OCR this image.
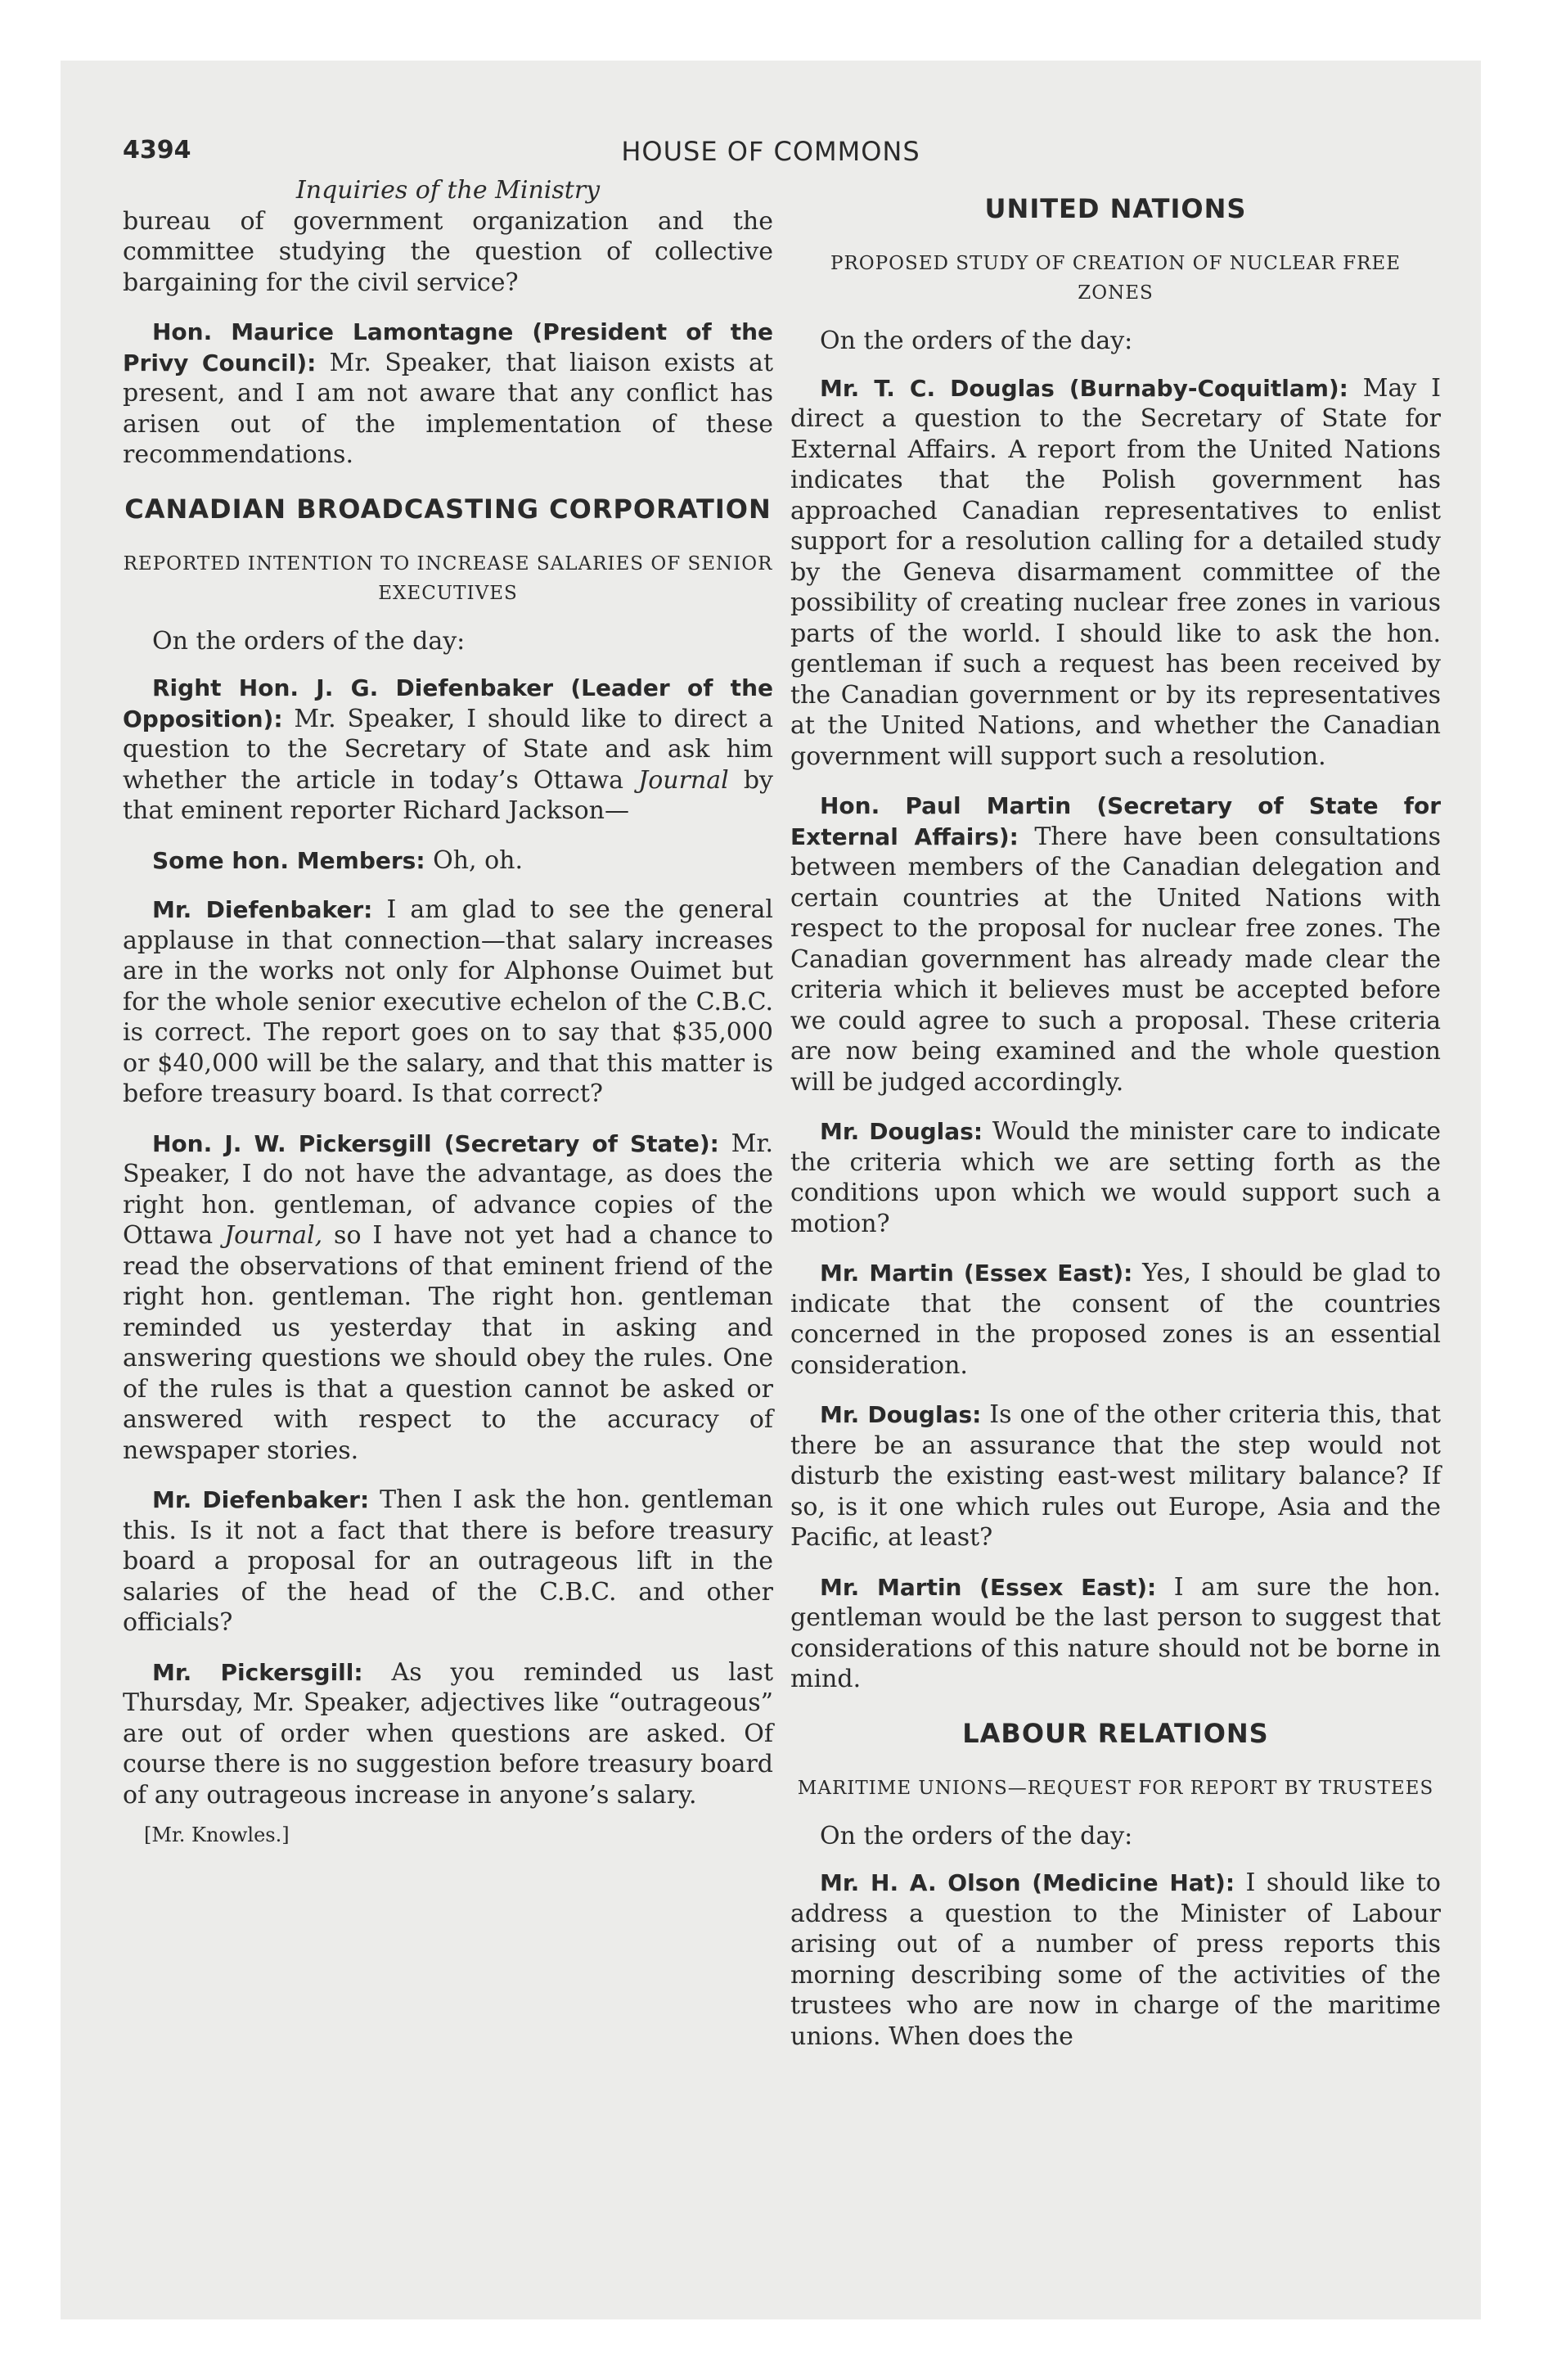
4394	HOUSE OF COMMONS

Inquiries of the Ministry

bureau of government organization and the committee studying the question of collective bargaining for the civil service?

Hon. Maurice Lamontagne (President of the Privy Council): Mr. Speaker, that liaison exists at present, and I am not aware that any conflict has arisen out of the implementation of these recommendations.

CANADIAN BROADCASTING CORPORATION
REPORTED INTENTION TO INCREASE SALARIES OF SENIOR EXECUTIVES

On the orders of the day:

Right Hon. J. G. Diefenbaker (Leader of the Opposition): Mr. Speaker, I should like to direct a question to the Secretary of State and ask him whether the article in today’s Ottawa Journal by that eminent reporter Richard Jackson—

Some hon. Members: Oh, oh.

Mr. Diefenbaker: I am glad to see the general applause in that connection—that salary increases are in the works not only for Alphonse Ouimet but for the whole senior executive echelon of the C.B.C. is correct. The report goes on to say that $35,000 or $40,000 will be the salary, and that this matter is before treasury board. Is that correct?

Hon. J. W. Pickersgill (Secretary of State): Mr. Speaker, I do not have the advantage, as does the right hon. gentleman, of advance copies of the Ottawa Journal, so I have not yet had a chance to read the observations of that eminent friend of the right hon. gentleman. The right hon. gentleman reminded us yesterday that in asking and answering questions we should obey the rules. One of the rules is that a question cannot be asked or answered with respect to the accuracy of newspaper stories.

Mr. Diefenbaker: Then I ask the hon. gentleman this. Is it not a fact that there is before treasury board a proposal for an outrageous lift in the salaries of the head of the C.B.C. and other officials?

Mr. Pickersgill: As you reminded us last Thursday, Mr. Speaker, adjectives like “outrageous” are out of order when questions are asked. Of course there is no suggestion before treasury board of any outrageous increase in anyone’s salary.

[Mr. Knowles.]

UNITED NATIONS
PROPOSED STUDY OF CREATION OF NUCLEAR FREE ZONES

On the orders of the day:

Mr. T. C. Douglas (Burnaby-Coquitlam): May I direct a question to the Secretary of State for External Affairs. A report from the United Nations indicates that the Polish government has approached Canadian representatives to enlist support for a resolution calling for a detailed study by the Geneva disarmament committee of the possibility of creating nuclear free zones in various parts of the world. I should like to ask the hon. gentleman if such a request has been received by the Canadian government or by its representatives at the United Nations, and whether the Canadian government will support such a resolution.

Hon. Paul Martin (Secretary of State for External Affairs): There have been consultations between members of the Canadian delegation and certain countries at the United Nations with respect to the proposal for nuclear free zones. The Canadian government has already made clear the criteria which it believes must be accepted before we could agree to such a proposal. These criteria are now being examined and the whole question will be judged accordingly.

Mr. Douglas: Would the minister care to indicate the criteria which we are setting forth as the conditions upon which we would support such a motion?

Mr. Martin (Essex East): Yes, I should be glad to indicate that the consent of the countries concerned in the proposed zones is an essential consideration.

Mr. Douglas: Is one of the other criteria this, that there be an assurance that the step would not disturb the existing east-west military balance? If so, is it one which rules out Europe, Asia and the Pacific, at least?

Mr. Martin (Essex East): I am sure the hon. gentleman would be the last person to suggest that considerations of this nature should not be borne in mind.

LABOUR RELATIONS
MARITIME UNIONS—REQUEST FOR REPORT BY TRUSTEES

On the orders of the day:

Mr. H. A. Olson (Medicine Hat): I should like to address a question to the Minister of Labour arising out of a number of press reports this morning describing some of the activities of the trustees who are now in charge of the maritime unions. When does the
